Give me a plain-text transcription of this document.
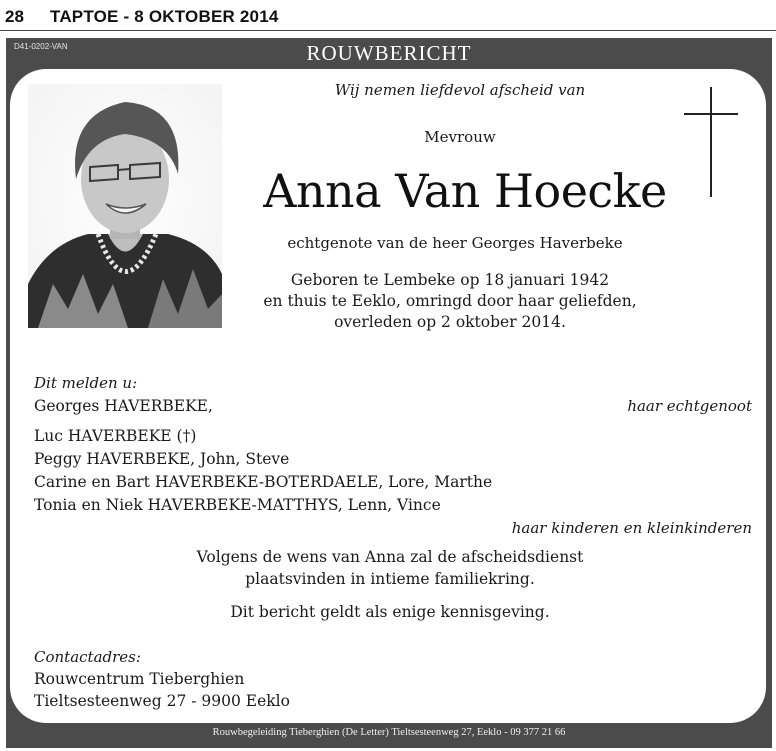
28 TAPTOE - 8 OKTOBER 2014
D41-0202-VAN	ROUWBERICHT
Rouwbegeleiding Tieberghien (De Letter) Tieltsesteenweg 27, Eeklo - 09 377 21 66
Wij nemen liefdevol afscheid van
Mevrouw
Anna Van Hoecke
echtgenote van de heer Georges Haverbeke
Geboren te Lembeke op 18 januari 1942
en thuis te Eeklo, omringd door haar geliefden,
overleden op 2 oktober 2014.
Dit melden u:
Georges HAVERBEKE,	haar echtgenoot
Luc HAVERBEKE (†)
Peggy HAVERBEKE, John, Steve
Carine en Bart HAVERBEKE-BOTERDAELE, Lore, Marthe
Tonia en Niek HAVERBEKE-MATTHYS, Lenn, Vince
haar kinderen en kleinkinderen
Volgens de wens van Anna zal de afscheidsdienst
plaatsvinden in intieme familiekring.
Dit bericht geldt als enige kennisgeving.
Contactadres:
Rouwcentrum Tieberghien
Tieltsesteenweg 27 - 9900 Eeklo
